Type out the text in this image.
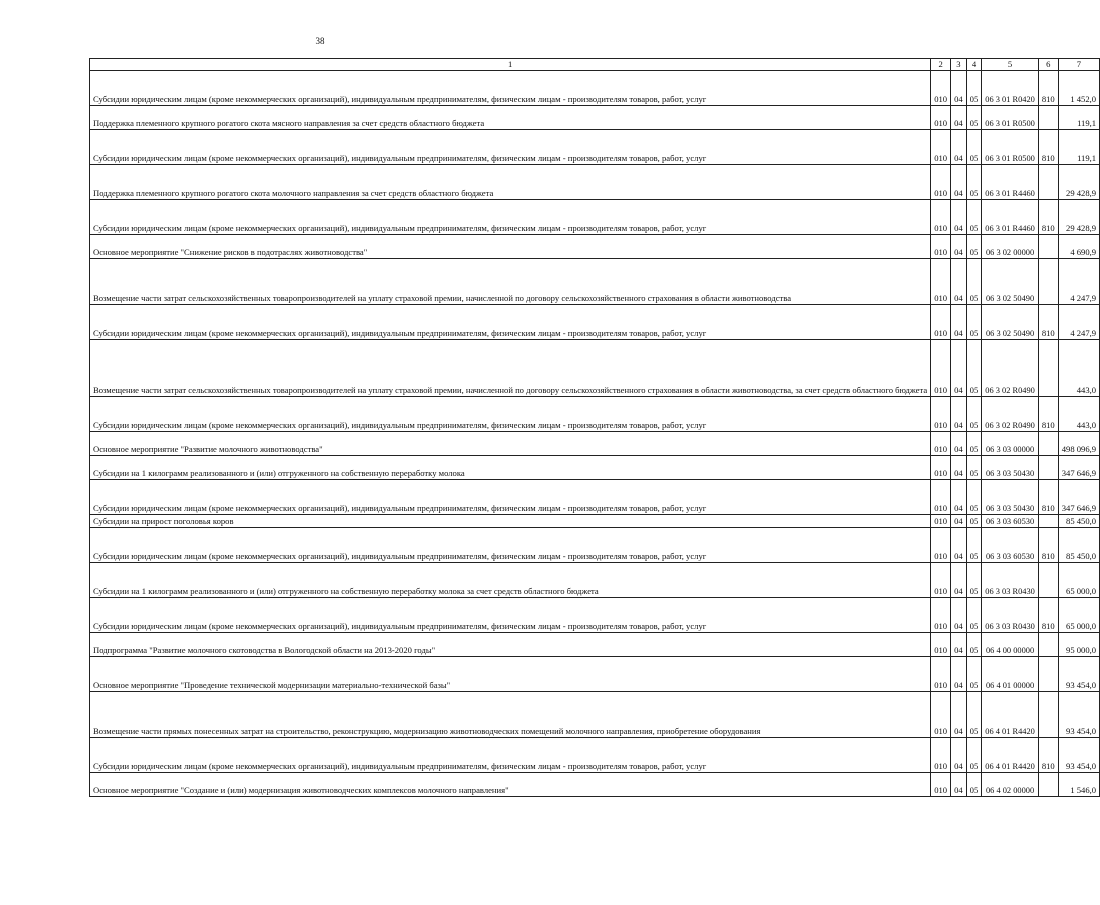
38
1	2	3	4	5	6	7
Субсидии юридическим лицам (кроме некоммерческих организаций), индивидуальным предпринимателям, физическим лицам - производителям товаров, работ, услуг	010	04	05	06 3 01 R0420	810	1 452,0
Поддержка племенного крупного рогатого скота мясного направления за счет средств областного бюджета	010	04	05	06 3 01 R0500		119,1
Субсидии юридическим лицам (кроме некоммерческих организаций), индивидуальным предпринимателям, физическим лицам - производителям товаров, работ, услуг	010	04	05	06 3 01 R0500	810	119,1
Поддержка племенного крупного рогатого скота молочного направления за счет средств областного бюджета	010	04	05	06 3 01 R4460		29 428,9
Субсидии юридическим лицам (кроме некоммерческих организаций), индивидуальным предпринимателям, физическим лицам - производителям товаров, работ, услуг	010	04	05	06 3 01 R4460	810	29 428,9
Основное мероприятие "Снижение рисков в подотраслях животноводства"	010	04	05	06 3 02 00000		4 690,9
Возмещение части затрат сельскохозяйственных товаропроизводителей на уплату страховой премии, начисленной по договору сельскохозяйственного страхования в области животноводства	010	04	05	06 3 02 50490		4 247,9
Субсидии юридическим лицам (кроме некоммерческих организаций), индивидуальным предпринимателям, физическим лицам - производителям товаров, работ, услуг	010	04	05	06 3 02 50490	810	4 247,9
Возмещение части затрат сельскохозяйственных товаропроизводителей на уплату страховой премии, начисленной по договору сельскохозяйственного страхования в области животноводства, за счет средств областного бюджета	010	04	05	06 3 02 R0490		443,0
Субсидии юридическим лицам (кроме некоммерческих организаций), индивидуальным предпринимателям, физическим лицам - производителям товаров, работ, услуг	010	04	05	06 3 02 R0490	810	443,0
Основное мероприятие "Развитие молочного животноводства"	010	04	05	06 3 03 00000		498 096,9
Субсидии на 1 килограмм реализованного и (или) отгруженного на собственную переработку молока	010	04	05	06 3 03 50430		347 646,9
Субсидии юридическим лицам (кроме некоммерческих организаций), индивидуальным предпринимателям, физическим лицам - производителям товаров, работ, услуг	010	04	05	06 3 03 50430	810	347 646,9
Субсидии на прирост поголовья коров	010	04	05	06 3 03 60530		85 450,0
Субсидии юридическим лицам (кроме некоммерческих организаций), индивидуальным предпринимателям, физическим лицам - производителям товаров, работ, услуг	010	04	05	06 3 03 60530	810	85 450,0
Субсидии на 1 килограмм реализованного и (или) отгруженного на собственную переработку молока за счет средств областного бюджета	010	04	05	06 3 03 R0430		65 000,0
Субсидии юридическим лицам (кроме некоммерческих организаций), индивидуальным предпринимателям, физическим лицам - производителям товаров, работ, услуг	010	04	05	06 3 03 R0430	810	65 000,0
Подпрограмма "Развитие молочного скотоводства в Вологодской области на 2013-2020 годы"	010	04	05	06 4 00 00000		95 000,0
Основное мероприятие "Проведение технической модернизации материально-технической базы"	010	04	05	06 4 01 00000		93 454,0
Возмещение части прямых понесенных затрат на строительство, реконструкцию, модернизацию животноводческих помещений молочного направления, приобретение оборудования	010	04	05	06 4 01 R4420		93 454,0
Субсидии юридическим лицам (кроме некоммерческих организаций), индивидуальным предпринимателям, физическим лицам - производителям товаров, работ, услуг	010	04	05	06 4 01 R4420	810	93 454,0
Основное мероприятие "Создание и (или) модернизация животноводческих комплексов молочного направления"	010	04	05	06 4 02 00000		1 546,0
